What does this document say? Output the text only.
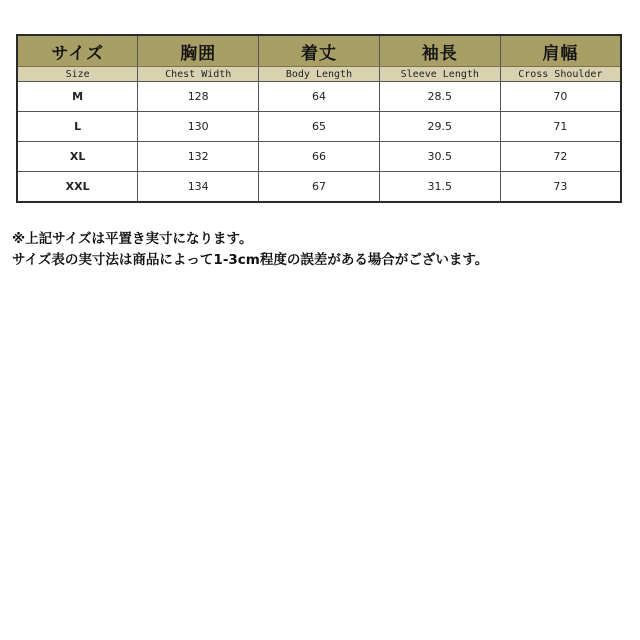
サイズ	胸囲	着丈	袖長	肩幅
Size	Chest Width	Body Length	Sleeve Length	Cross Shoulder
M	128	64	28.5	70
L	130	65	29.5	71
XL	132	66	30.5	72
XXL	134	67	31.5	73

※上記サイズは平置き実寸になります。

サイズ表の実寸法は商品によって1-3cm程度の誤差がある場合がございます。
